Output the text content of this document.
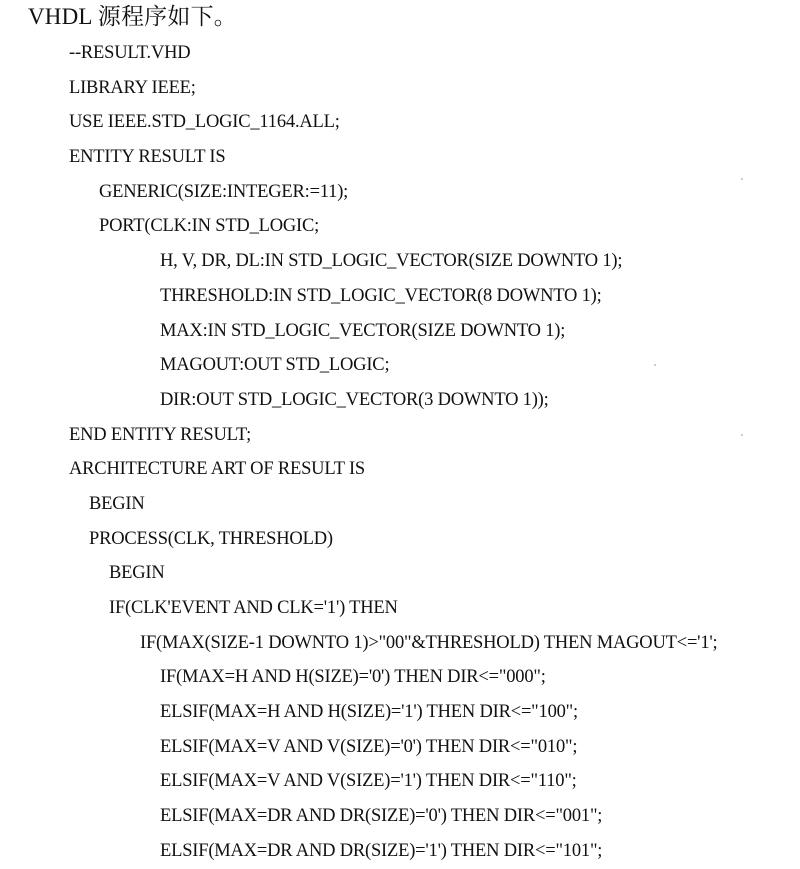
VHDL 源程序如下。
--RESULT.VHD
LIBRARY IEEE;
USE IEEE.STD_LOGIC_1164.ALL;
ENTITY RESULT IS
GENERIC(SIZE:INTEGER:=11);
PORT(CLK:IN STD_LOGIC;
H, V, DR, DL:IN STD_LOGIC_VECTOR(SIZE DOWNTO 1);
THRESHOLD:IN STD_LOGIC_VECTOR(8 DOWNTO 1);
MAX:IN STD_LOGIC_VECTOR(SIZE DOWNTO 1);
MAGOUT:OUT STD_LOGIC;
DIR:OUT STD_LOGIC_VECTOR(3 DOWNTO 1));
END ENTITY RESULT;
ARCHITECTURE ART OF RESULT IS
BEGIN
PROCESS(CLK, THRESHOLD)
BEGIN
IF(CLK'EVENT AND CLK='1') THEN
IF(MAX(SIZE-1 DOWNTO 1)>"00"&THRESHOLD) THEN MAGOUT<='1';
IF(MAX=H AND H(SIZE)='0') THEN DIR<="000";
ELSIF(MAX=H AND H(SIZE)='1') THEN DIR<="100";
ELSIF(MAX=V AND V(SIZE)='0') THEN DIR<="010";
ELSIF(MAX=V AND V(SIZE)='1') THEN DIR<="110";
ELSIF(MAX=DR AND DR(SIZE)='0') THEN DIR<="001";
ELSIF(MAX=DR AND DR(SIZE)='1') THEN DIR<="101";
